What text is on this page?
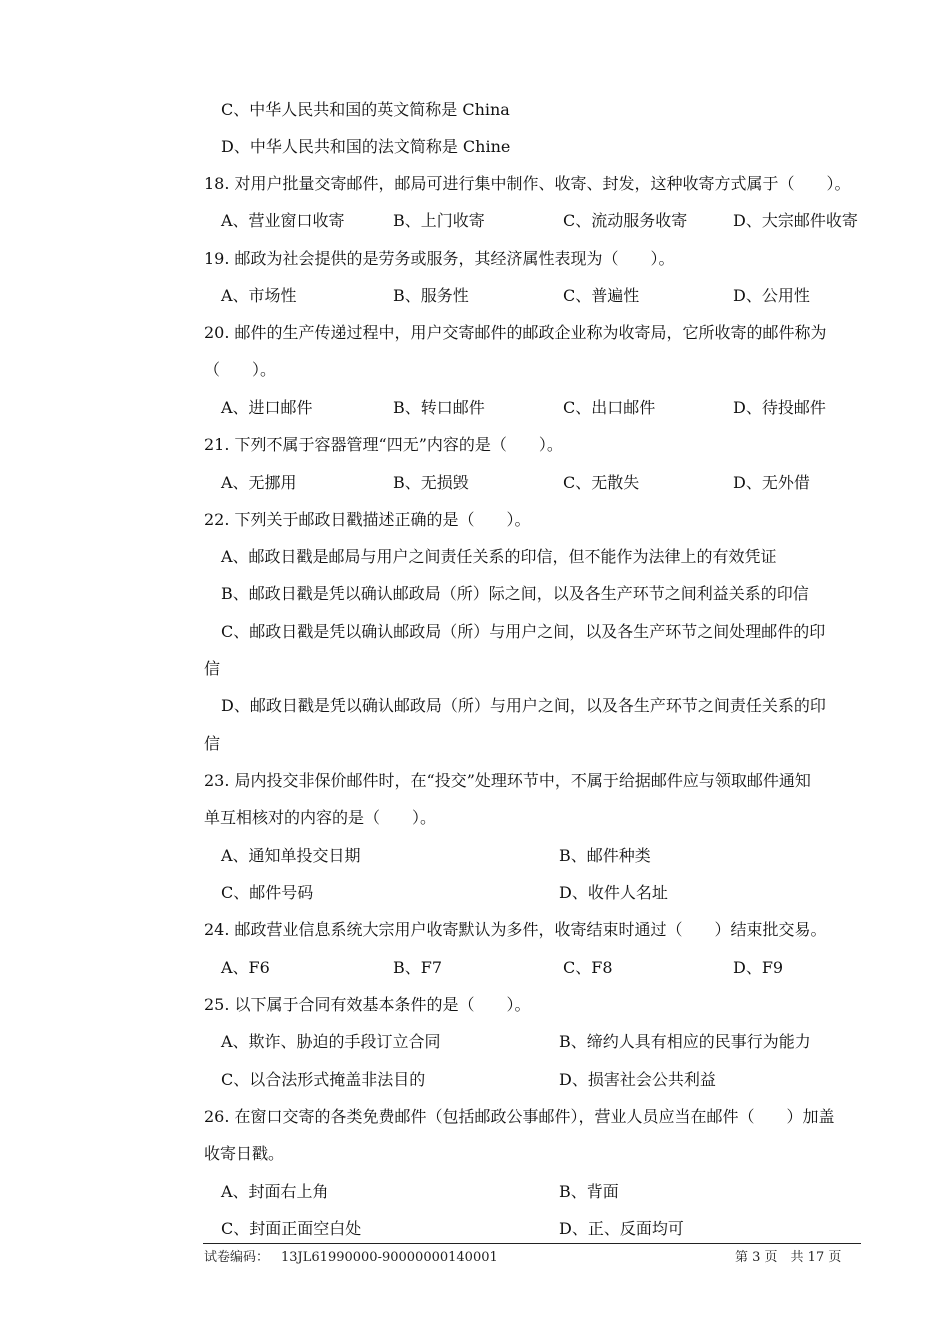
C、中华人民共和国的英文简称是 China
D、中华人民共和国的法文简称是 Chine
18. 对用户批量交寄邮件，邮局可进行集中制作、收寄、封发，这种收寄方式属于（　　）。
A、营业窗口收寄	B、上门收寄	C、流动服务收寄	D、大宗邮件收寄
19. 邮政为社会提供的是劳务或服务，其经济属性表现为（　　）。
A、市场性	B、服务性	C、普遍性	D、公用性
20. 邮件的生产传递过程中，用户交寄邮件的邮政企业称为收寄局，它所收寄的邮件称为
（　　）。
A、进口邮件	B、转口邮件	C、出口邮件	D、待投邮件
21. 下列不属于容器管理“四无”内容的是（　　）。
A、无挪用	B、无损毁	C、无散失	D、无外借
22. 下列关于邮政日戳描述正确的是（　　）。
A、邮政日戳是邮局与用户之间责任关系的印信，但不能作为法律上的有效凭证
B、邮政日戳是凭以确认邮政局（所）际之间，以及各生产环节之间利益关系的印信
C、邮政日戳是凭以确认邮政局（所）与用户之间，以及各生产环节之间处理邮件的印
信
D、邮政日戳是凭以确认邮政局（所）与用户之间，以及各生产环节之间责任关系的印
信
23. 局内投交非保价邮件时，在“投交”处理环节中，不属于给据邮件应与领取邮件通知
单互相核对的内容的是（　　）。
A、通知单投交日期	B、邮件种类
C、邮件号码	D、收件人名址
24. 邮政营业信息系统大宗用户收寄默认为多件，收寄结束时通过（　　）结束批交易。
A、F6	B、F7	C、F8	D、F9
25. 以下属于合同有效基本条件的是（　　）。
A、欺诈、胁迫的手段订立合同	B、缔约人具有相应的民事行为能力
C、以合法形式掩盖非法目的	D、损害社会公共利益
26. 在窗口交寄的各类免费邮件（包括邮政公事邮件），营业人员应当在邮件（　　）加盖
收寄日戳。
A、封面右上角	B、背面
C、封面正面空白处	D、正、反面均可
试卷编码： 13JL61990000-90000000140001	第 3 页　共 17 页
